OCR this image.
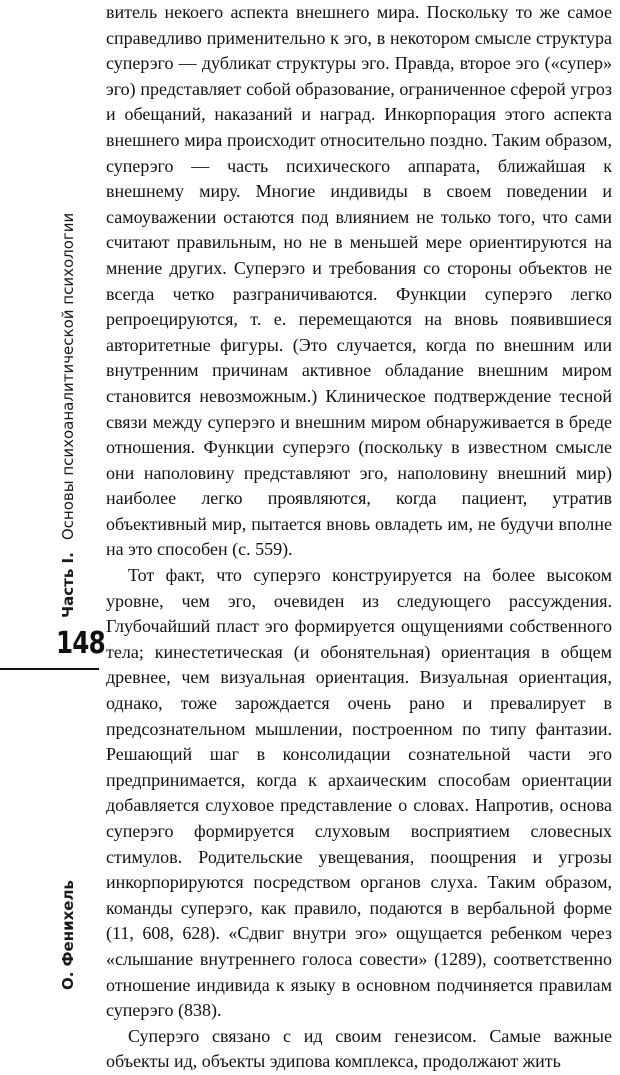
Часть I.Основы психоаналитической психологии
148
О. Фенихель

витель некоего аспекта внешнего мира. Поскольку то же самое справедливо применительно к эго, в некотором смысле структура суперэго — дубликат структуры эго. Правда, второе эго («супер» эго) представляет собой образование, ограниченное сферой угроз и обещаний, наказаний и наград. Инкорпорация этого аспекта внешнего мира происходит относительно поздно. Таким образом, суперэго — часть психического аппарата, ближайшая к внешнему миру. Многие индивиды в своем поведении и самоуважении остаются под влиянием не только того, что сами считают правильным, но не в меньшей мере ориентируются на мнение других. Суперэго и требования со стороны объектов не всегда четко разграничиваются. Функции суперэго легко репроецируются, т. е. перемещаются на вновь появившиеся авторитетные фигуры. (Это случается, когда по внешним или внутренним причинам активное обладание внешним миром становится невозможным.) Клиническое подтверждение тесной связи между суперэго и внешним миром обнаруживается в бреде отношения. Функции суперэго (поскольку в известном смысле они наполовину представляют эго, наполовину внешний мир) наиболее легко проявляются, когда пациент, утратив объективный мир, пытается вновь овладеть им, не будучи вполне на это способен (с. 559).

Тот факт, что суперэго конструируется на более высоком уровне, чем эго, очевиден из следующего рассуждения. Глубочайший пласт эго формируется ощущениями собственного тела; кинестетическая (и обонятельная) ориентация в общем древнее, чем визуальная ориентация. Визуальная ориентация, однако, тоже зарождается очень рано и превалирует в предсознательном мышлении, построенном по типу фантазии. Решающий шаг в консолидации сознательной части эго предпринимается, когда к архаическим способам ориентации добавляется слуховое представление о словах. Напротив, основа суперэго формируется слуховым восприятием словесных стимулов. Родительские увещевания, поощрения и угрозы инкорпорируются посредством органов слуха. Таким образом, команды суперэго, как правило, подаются в вербальной форме (11, 608, 628). «Сдвиг внутри эго» ощущается ребенком через «слышание внутреннего голоса совести» (1289), соответственно отношение индивида к языку в основном подчиняется правилам суперэго (838).

Суперэго связано с ид своим генезисом. Самые важные объекты ид, объекты эдипова комплекса, продолжают жить
